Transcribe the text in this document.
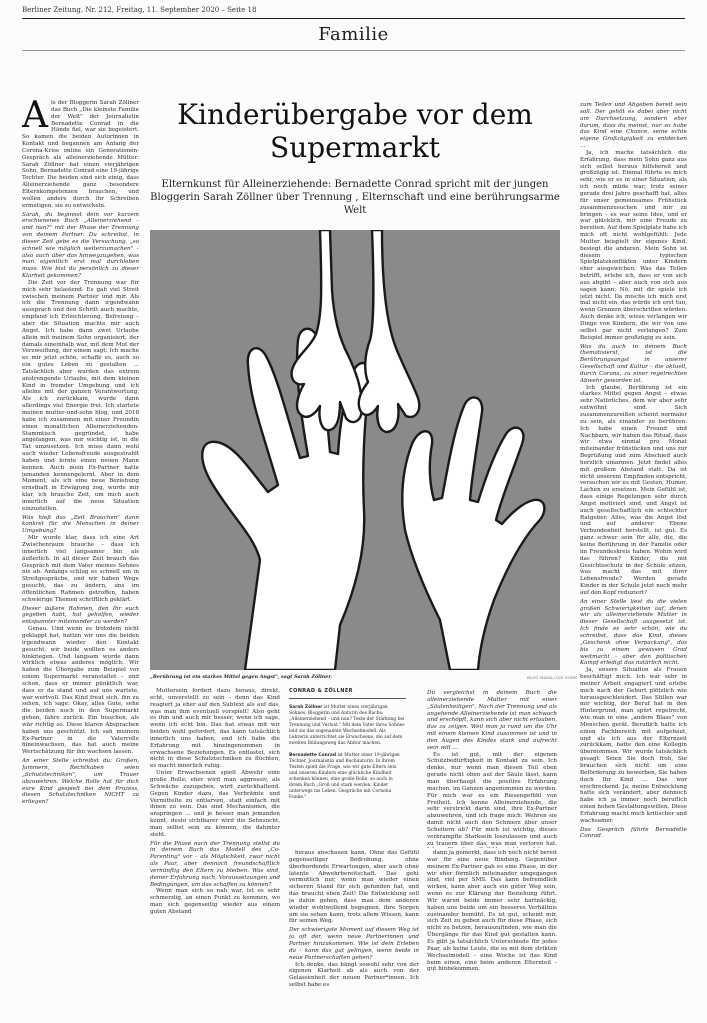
Berliner Zeitung, Nr. 212, Freitag, 11. September 2020 – Seite 18
Familie

Als der Bloggerin Sarah Zöllner das Buch „Die kleinste Familie der Welt" der Journalistin Bernadette Conrad in die Hände fiel, war sie begeistert. So kamen die beiden Autorinnen in Kontakt und begannen am Anfang der Corona-Krise online ein Generationen-Gespräch als alleinerziehende Mütter: Sarah Zöllner hat einen vierjährigen Sohn, Bernadette Conrad eine 19-jährige Tochter. Die beiden sind sich einig, dass Alleinerziehende ganz besondere Elternkompetenzen brauchen, und wollen andere durch ihr Schreiben ermutigen, sie zu entwickeln.

Sarah, du beginnst dein vor kurzem erschienenes Buch „Alleinerziehend – und nun?" mit der Phase der Trennung von deinem Partner. Du schreibst, in dieser Zeit gebe es die Versuchung, „so schnell wie möglich weiterzumachen" – also auch über das hinwegzugehen, was man eigentlich erst mal durchleben muss. Wie bist du persönlich zu dieser Klarheit gekommen?

Die Zeit vor der Trennung war für mich sehr belastend. Es gab viel Streit zwischen meinem Partner und mir. Als ich die Trennung dann irgendwann aussprach und den Schritt auch machte, empfand ich Erleichterung, Befreiung – aber die Situation machte mir auch Angst. Ich habe dann zwei Urlaube allein mit meinem Sohn organisiert, der damals eineinhalb war, mit dem Mut der Verzweiflung, der einem sagt: Ich mache es mir jetzt schön, schaffe es, auch so ein gutes Leben zu gestalten … Tatsächlich aber wurden das extrem anstrengende Urlaube, mit dem kleinen Kind in fremder Umgebung und ich alleine mit der ganzen Verantwortung. Als ich zurückkam, wurde dann allerdings viel Energie frei. Ich startete meinen mutter-und-sohn blog, und 2018 habe ich zusammen mit einer Freundin einen monatlichen Alleinerziehenden-Stammtisch gegründet, habe angefangen, was mir wichtig ist, in die Tat umzusetzen. Ich muss dann wohl auch wieder Lebensfreude ausgestrahlt haben und lernte einen neuen Mann kennen. Auch mein Ex-Partner hatte jemanden kennengelernt. Aber in dem Moment, als ich eine neue Beziehung ernsthaft in Erwägung zog, wurde mir klar, ich brauche Zeit, um mich auch innerlich auf die neue Situation einzustellen.

Was hieß das „Zeit Brauchen" dann konkret für die Menschen in deiner Umgebung?

Mir wurde klar, dass ich eine Art Zwischenraum brauche – dass ich innerlich viel langsamer bin als äußerlich. In all dieser Zeit brauch das Gespräch mit dem Vater meines Sohnes nie ab. Anfangs schlug es schnell um in Streitgespräche, und wir haben Wege gesucht, das zu ändern, uns im öffentlichen Rahmen getroffen, haben schwierige Themen schriftlich geklärt.

Dieser äußere Rahmen, den Ihr euch gegeben habt, hat geholfen, wieder entspannter miteinander zu werden?

Genau. Und wenn es trotzdem nicht geklappt hat, hatten wir uns die beiden irgendwann wieder den Kontakt gesucht, wir beide wollten es anders hinkriegen. Und langsam wurde dann wirklich etwas anderes möglich. Wir haben die Übergabe zum Beispiel vor einem Supermarkt veranstaltet – und schon, dass er immer pünktlich war, dass er da stand und auf uns wartete, war wertvoll. Das Kind freut sich, ihn zu sehen, ich sage: Okay, alles Gute, sehe die beiden noch in den Supermarkt gehen, fahre zurück. Ein bisschen, als wär richtig so. Diese klaren Absprachen haben uns geschützt. Ich sah meinem Ex-Partner in die Vaterrolle hineinwachsen, das hat auch meine Wertschätzung für ihn wachsen lassen.

An einer Stelle schreibst du: Großen, Jammern, Rechthaben seien „Schutztechniken", um Trauer abzuwehren. Welche Rolle hat für dich eure Kind gespielt bei dem Prozess, diesen Schutztechniken NICHT zu erliegen?

Kinderübergabe vor dem Supermarkt
Elternkunst für Alleinerziehende: Bernadette Conrad spricht mit der jungen Bloggerin Sarah Zöllner über Trennung , Elternschaft und eine berührungsarme Welt
„Berührung ist ein starkes Mittel gegen Angst", sagt Sarah Zöllner.	BLOG MAMA UND SOHN

Muttersein fordert dazu heraus, direkt, echt, unverstellt zu sein – denn das Kind reagiert ja eher auf den Subtext als auf das, was man ihm eventuell vorspielt! Also geht es ihm und auch mir besser, wenn ich sage, wenn ich echt bin. Das hat etwas mit wir beiden wohl gefordert, das kann tatsächlich innerlich uns haben, und ich habe die Erfahrung mit hineingenommen in erwachsene Beziehungen. Es entlastet, sich nicht in diese Schutztechniken zu flüchten, es macht innerlich ruhig.

Unter Erwachsenen spielt Abwehr eine große Rolle; eher wird man aggressiv, als Schwäche zuzugeben, wird zurückhaltend. Gegen Kinder dazu, das Verbrämte und Vermittelte zu entlarven, statt einfach mit ihnen zu sein. Das sind Mechanismen, die anspringen … und je besser man jemanden kennt, desto sichtbarer wird die Sehnsucht, man selbst sein zu können, die dahinter steht.

Für die Phase nach der Trennung stellst du in deinem Buch das Modell des „Co-Parenting" vor – als Möglichkeit, zwar nicht als Paar, aber dennoch freundschaftlich vernünftig den Eltern zu bleiben. Was sind, deiner Erfahrung nach, Voraussetzungen und Bedingungen, um das schaffen zu können?

Wenn man sich so nah war, ist es sehr schmerzlig, an einen Punkt zu kommen, wo man sich gegenseitig wieder aus einem guten Abstand

CONRAD & ZÖLLNER

Sarah Zöllner ist Mutter eines vierjährigen Sohnes, Bloggerin und Autorin des Buchs: „Alleinerziehend – und nun? Texte der Stärkung bei Trennung und Verlust." Mit dem Vater ihres Sohnes lebt sie das sogenannte Wechselmodell. Als Lehrerin unterrichtet sie Erwachsene, die auf dem zweiten Bildungsweg das Abitur machen.

Bernadette Conrad ist Mutter einer 19-jährigen Tochter, Journalistin und Buchautorin. In ihrem Texten spielt die Frage, wie wir gute Eltern sein und unseren Kindern eine glückliche Kindheit schenken können, eine große Rolle, so auch in ihrem Buch „Groß und stark werden. Kinder unterwegs ins Leben. Gespräche mit Cornelia Funke."

heraus anschauen kann. Ohne das Gefühl gegenseitiger Bedrohung, ohne überbordende Erwartungen, aber auch ohne latente Abwehrbereitschaft. Das geht vermutlich nur, wenn man wieder einen sicheren Stand für sich gefunden hat, und das braucht eben Zeit! Die Entwicklung soll ja dahin gehen, dass man dem anderen wieder wohlwollend begegnen, ihre Sorgen um sie sehen kann, trotz allem Wissen, kann für seinen Weg.

Der schwierigste Moment auf diesem Weg ist ja oft der, wenn neue Partnerinnen und Partner hinzukommen. Wie ist dein Erleben da – kann das gut gelingen, wenn beide in neue Partnerschaften gehen?

Ich denke, das hängt sowohl sehr von der eigenen Klarheit ab als auch von der Gelassenheit der neuen Partner*innen. Ich selbst habe es

dann ja gemerkt, dass ich noch nicht bereit war für eine neue Bindung. Gegenüber meinem Ex-Partner gab es eine Phase, in der wir eher förmlich miteinander umgegangen sind, viel per SMS. Das kann befremdlich wirken, kann aber auch ein guter Weg sein, wenn es zur Klärung der Beziehung führt. Wir waren beide immer sehr hartnäckig, haben uns beide um ein besseres Verhältnis zueinander bemüht. Es ist gut, scheint mir, sich Zeit zu geben auch für diese Phase, sich nicht zu hetzen, herauszufinden, wie man die Übergänge für das Kind gut gestalten kann. Es gibt ja tatsächlich Unterschiede für jedes Paar, als keine Leute, die es mit dem strikten Wechselmodell – eine Woche ist das Kind beim einen, eine beim anderen Elternteil – gut hinbekommen.

Du vergleichst in deinem Buch die alleinerziehende Mutter mit einer „Säulenheiligen". Nach der Trennung und als angehende Alleinerziehende ist man schwach und erschöpft, kann sich aber nicht erlauben, das zu zeigen. Weil man ja rund um die Uhr mit einem kleinen Kind zusammen ist und in den Augen des Kindes stark und aufrecht sein will …

Es ist gut, mit der eigenen Schutzbedürftigkeit in Kontakt zu sein. Ich denke, nur wenn man diesen Teil eben gerade nicht oben auf der Säule lässt, kann man überhaupt die positive Erfahrung machen, im Ganzen angenommen zu werden. Für mich war es ein Riesengefühl von Freiheit. Ich kenne Alleinerziehende, die sehr verstrickt darin sind, ihre Ex-Partner abzuwehren, und ich frage mich: Wehren sie damit nicht auch den Schmerz über unser Scheitern ab? Für mich ist wichtig, dieses verkrampfte Starksein loszulassen und auch zu trauern über das, was man verloren hat.

zum Teilen und Abgeben bereit sein soll. Der gehöt es dabei aber nicht um Durchsetzung, sondern eher darum, dass du meinst, nur so habe das Kind eine Chance, seine echte eigene Großzügigkeit zu entdecken …

Ja, ich mache tatsächlich die Erfahrung, dass mein Sohn ganz aus sich selbst heraus hilfsbereit und großzügig ist. Einmal führte es mich sehr, wie er es in einer Situation, als ich noch müde war, trotz seiner gerade drei Jahre geschafft hat, alles für unser gemeinsames Frühstück zusammenzusuchen und mir zu bringen – es war seine Idee, und er war glücklich, mir eine Freude zu bereiten. Auf dem Spielplatz habe ich mich oft nicht wohlgefühlt: Jede Mutter beispielt ihr eigenes Kind, besiegt die anderen. Mein Sohn ist diesem typischen Spielplatzkonflikten unter Kindern eher ausgewichen. Was das Teilen betrifft, erlebe ich, dass er von sich aus abgibt – aber auch von sich aus sagen kann: Nö, mit dir spiele ich jetzt nicht. Da mische ich mich erst mal nicht ein, das würde ich erst tun, wenn Grenzen überschritten würden. Auch denke ich, wiese verlangen wir Dinge von Kindern, die wir von uns selbst gar nicht verlangen? Zum Beispiel immer großzügig zu sein.

Was du auch in deinem Buch thematisierst, ist die Berührungsangst in unserer Gesellschaft und Kultur – die aktuell, durch Corona, zu einer regelrechten Abwehr geworden ist.

Ich glaube, Berührung ist ein starkes Mittel gegen Angst – etwas sehr Natürliches, dem wir aber sehr entwöhnt sind. Sich zusammenzureißen scheint normaler zu sein, als einander zu berühren. Ich habe einen Freund und Nachbarn, wir haben das Ritual, dass wir etwa einmal pro Monat miteinander frühstücken und uns zur Begrüßung und zum Abschied auch herzlich umarmen. Jetzt findet alles mit großem Abstand statt. Da ist nicht unserem Empfinden entspricht, versuchen wir es mit Gesten, Humor, Lachen zu ersetzen. Mein Gefühl ist, dass einige Regelungen sehr durch Angst motiviert sind, und Angst ist auch gesellschaftlich ein schlechter Ratgeber. Alles, was die Angst löst und auf anderer Ebene Verbundenheit herstellt, ist gut. Es ganz schwer sein für alle, die, die keine Berührung in der Familie oder im Freundeskreis haben. Wohin wird das führen? Kinder, die mit Gesichtsschutz in der Schule sitzen, was macht das mit ihrer Lebensfreude? Werden gerade Kinder in der Schule jetzt noch mehr auf den Kopf reduziert?

An einer Stelle liest du die vielen großen Schwierigkeiten auf, denen wir als alleinerziehende Mutter in dieser Gesellschaft ausgesetzt ist. Ich finde es sehr schön, wie du schreibst, dass das Kind, dieses „Geschenk ohne Verpackung", das bis zu einem gewissen Grad weitmacht – aber den politischen Kampf erledigt das natürlich nicht.

Ja, unsere Situation als Frauen beschäftigt mich. Ich war sehr in meiner Arbeit engagiert und erlebe mich nach der Geburt plötzlich wie herausgeschleudert. Das Stillen war mir wichtig, der Beruf hat in den Hintergrund, man spürt regelrecht, wie man in eine „andere Blase" von Menschen gerät. Beruflich hatte ich einen Fachbereich mit aufgebaut, und als ich aus der Elternzeit zurückkam, hatte den eine Kollegin übernommen. Wir wurde tatsächlich gesagt: Seien Sie doch froh, Sie brauchen sich nicht um eine Beförderung zu bewerben, Sie haben doch Ihr Kind … Das war erschreckend. Ja, meine Entwicklung hatte sich verändert, aber dennoch habe ich ja immer noch beruflich einen hohen Gestaltungswillen. Diese Erfahrung macht mich kritischer und wachsamer.

Das Gespräch führte Bernadette Conrad.
